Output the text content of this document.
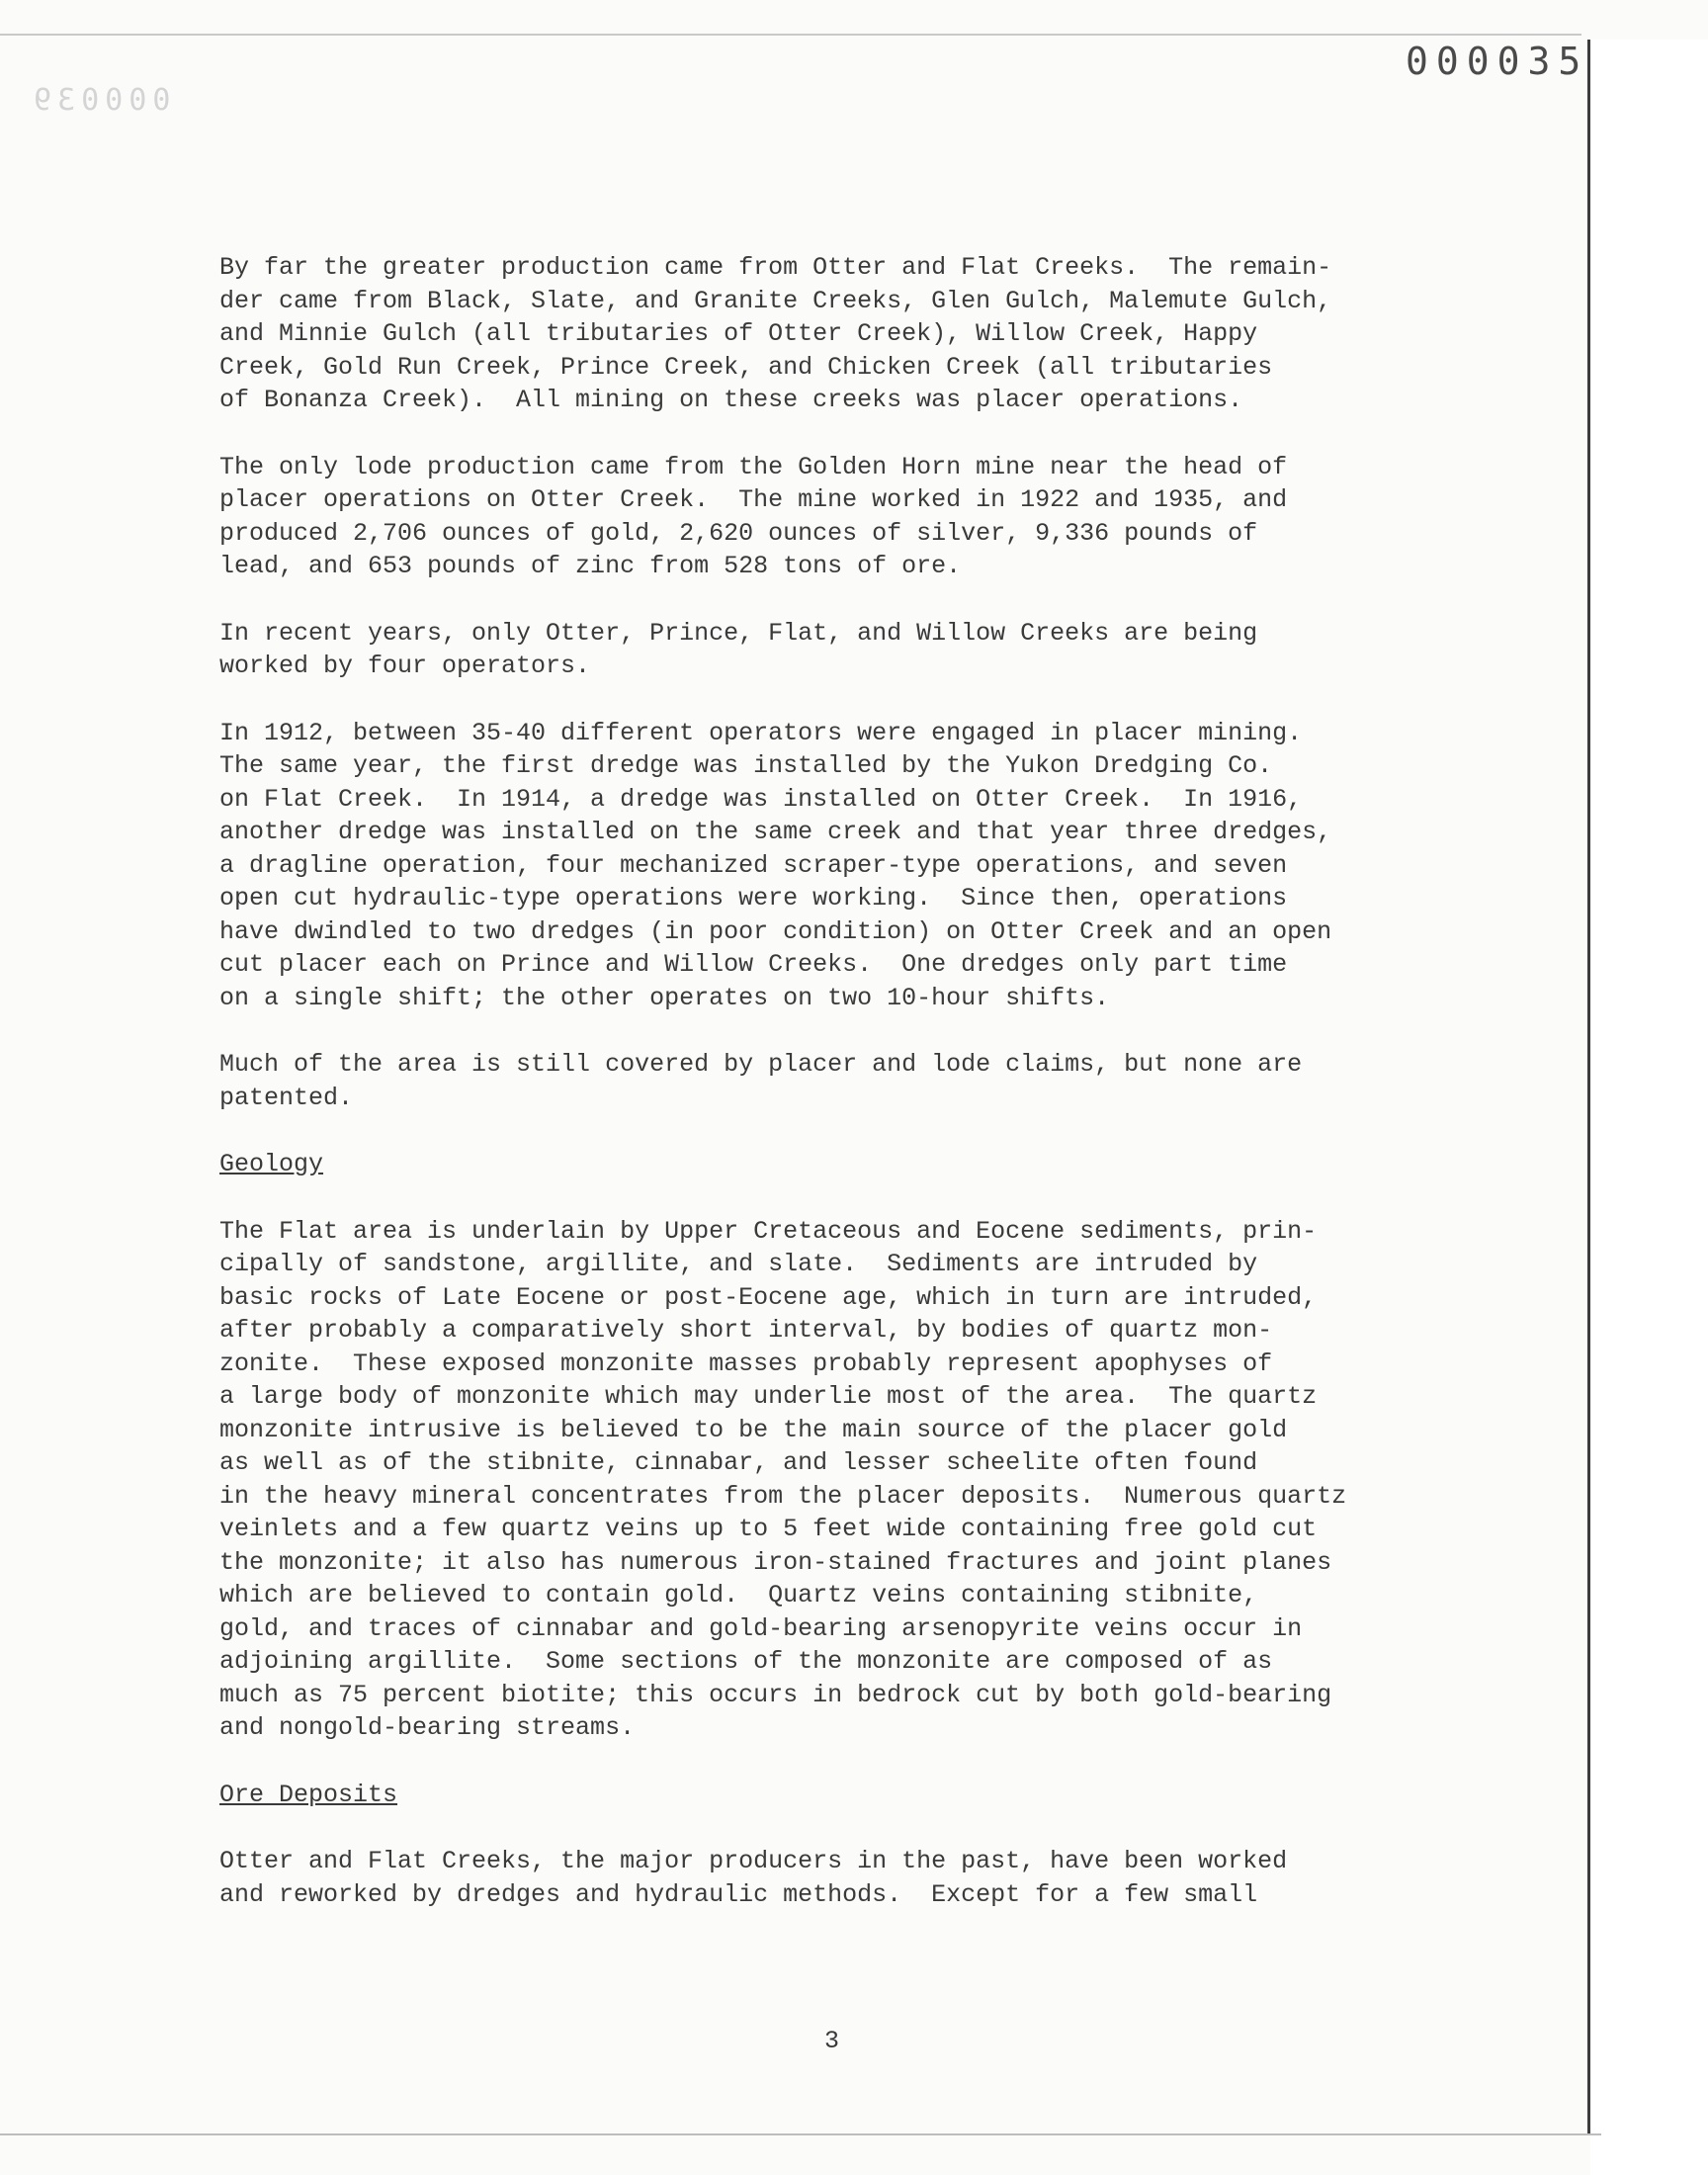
000039
000035

By far the greater production came from Otter and Flat Creeks.  The remain-
der came from Black, Slate, and Granite Creeks, Glen Gulch, Malemute Gulch,
and Minnie Gulch (all tributaries of Otter Creek), Willow Creek, Happy
Creek, Gold Run Creek, Prince Creek, and Chicken Creek (all tributaries
of Bonanza Creek).  All mining on these creeks was placer operations.

The only lode production came from the Golden Horn mine near the head of
placer operations on Otter Creek.  The mine worked in 1922 and 1935, and
produced 2,706 ounces of gold, 2,620 ounces of silver, 9,336 pounds of
lead, and 653 pounds of zinc from 528 tons of ore.

In recent years, only Otter, Prince, Flat, and Willow Creeks are being
worked by four operators.

In 1912, between 35-40 different operators were engaged in placer mining.
The same year, the first dredge was installed by the Yukon Dredging Co.
on Flat Creek.  In 1914, a dredge was installed on Otter Creek.  In 1916,
another dredge was installed on the same creek and that year three dredges,
a dragline operation, four mechanized scraper-type operations, and seven
open cut hydraulic-type operations were working.  Since then, operations
have dwindled to two dredges (in poor condition) on Otter Creek and an open
cut placer each on Prince and Willow Creeks.  One dredges only part time
on a single shift; the other operates on two 10-hour shifts.

Much of the area is still covered by placer and lode claims, but none are
patented.

Geology

The Flat area is underlain by Upper Cretaceous and Eocene sediments, prin-
cipally of sandstone, argillite, and slate.  Sediments are intruded by
basic rocks of Late Eocene or post-Eocene age, which in turn are intruded,
after probably a comparatively short interval, by bodies of quartz mon-
zonite.  These exposed monzonite masses probably represent apophyses of
a large body of monzonite which may underlie most of the area.  The quartz
monzonite intrusive is believed to be the main source of the placer gold
as well as of the stibnite, cinnabar, and lesser scheelite often found
in the heavy mineral concentrates from the placer deposits.  Numerous quartz
veinlets and a few quartz veins up to 5 feet wide containing free gold cut
the monzonite; it also has numerous iron-stained fractures and joint planes
which are believed to contain gold.  Quartz veins containing stibnite,
gold, and traces of cinnabar and gold-bearing arsenopyrite veins occur in
adjoining argillite.  Some sections of the monzonite are composed of as
much as 75 percent biotite; this occurs in bedrock cut by both gold-bearing
and nongold-bearing streams.

Ore Deposits

Otter and Flat Creeks, the major producers in the past, have been worked
and reworked by dredges and hydraulic methods.  Except for a few small

3
